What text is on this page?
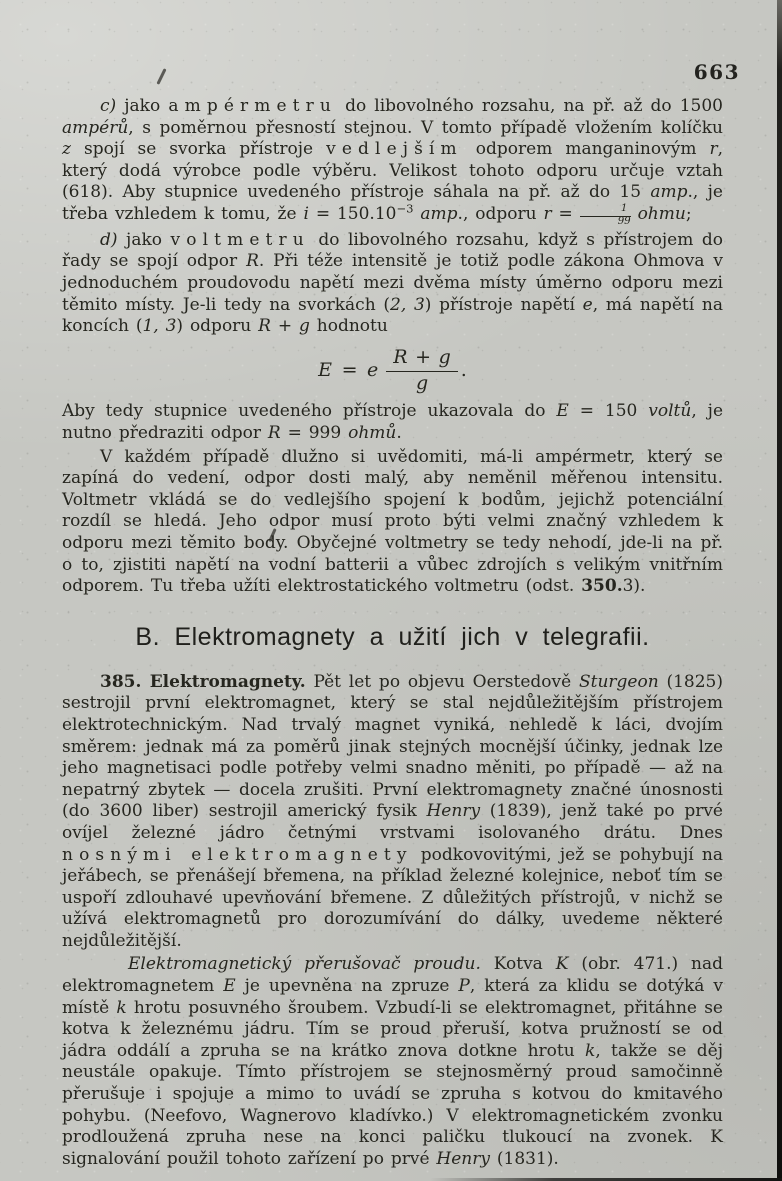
663

c) jako ampérmetru do libovolného rozsahu, na př. až do 1500 ampérů, s poměrnou přesností stejnou. V tomto případě vložením kolíčku z spojí se svorka přístroje vedlejším odporem manganinovým r, který dodá výrobce podle výběru. Velikost tohoto odporu určuje vztah (618). Aby stupnice uvedeného přístroje sáhala na př. až do 15 amp., je třeba vzhledem k tomu, že $i = 150.10^{-3}$ amp., odporu $r = \frac{1}{99}$ ohmu;

d) jako voltmetru do libovolného rozsahu, když s přístrojem do řady se spojí odpor R. Při téže intensitě je totiž podle zákona Ohmova v jednoduchém proudovodu napětí mezi dvěma místy úměrno odporu mezi těmito místy. Je-li tedy na svorkách (2, 3) přístroje napětí e, má napětí na koncích (1, 3) odporu R + g hodnotu

E = e $\frac{R + g}{g}$ .

Aby tedy stupnice uvedeného přístroje ukazovala do E = 150 voltů, je nutno předraziti odpor R = 999 ohmů.

V každém případě dlužno si uvědomiti, má-li ampérmetr, který se zapíná do vedení, odpor dosti malý, aby neměnil měřenou intensitu. Voltmetr vkládá se do vedlejšího spojení k bodům, jejichž potenciální rozdíl se hledá. Jeho odpor musí proto býti velmi značný vzhledem k odporu mezi těmito body. Obyčejné voltmetry se tedy nehodí, jde-li na př. o to, zjistiti napětí na vodní batterii a vůbec zdrojích s velikým vnitřním odporem. Tu třeba užíti elektrostatického voltmetru (odst. 350.3).

B. Elektromagnety a užití jich v telegrafii.

385. Elektromagnety. Pět let po objevu Oerstedově Sturgeon (1825) sestrojil první elektromagnet, který se stal nejdůležitějším přístrojem elektrotechnickým. Nad trvalý magnet vyniká, nehledě k láci, dvojím směrem: jednak má za poměrů jinak stejných mocnější účinky, jednak lze jeho magnetisaci podle potřeby velmi snadno měniti, po případě — až na nepatrný zbytek — docela zrušiti. První elektromagnety značné únosnosti (do 3600 liber) sestrojil americký fysik Henry (1839), jenž také po prvé ovíjel železné jádro četnými vrstvami isolovaného drátu. Dnes nosnými elektromagnety podkovovitými, jež se pohybují na jeřábech, se přenášejí břemena, na příklad železné kolejnice, neboť tím se uspoří zdlouhavé upevňování břemene. Z důležitých přístrojů, v nichž se užívá elektromagnetů pro dorozumívání do dálky, uvedeme některé nejdůležitější.

Elektromagnetický přerušovač proudu. Kotva K (obr. 471.) nad elektromagnetem E je upevněna na zpruze P, která za klidu se dotýká v místě k hrotu posuvného šroubem. Vzbudí-li se elektromagnet, přitáhne se kotva k železnému jádru. Tím se proud přeruší, kotva pružností se od jádra oddálí a zpruha se na krátko znova dotkne hrotu k, takže se děj neustále opakuje. Tímto přístrojem se stejnosměrný proud samočinně přerušuje i spojuje a mimo to uvádí se zpruha s kotvou do kmitavého pohybu. (Neefovo, Wagnerovo kladívko.) V elektromagnetickém zvonku prodloužená zpruha nese na konci paličku tlukoucí na zvonek. K signalování použil tohoto zařízení po prvé Henry (1831).
